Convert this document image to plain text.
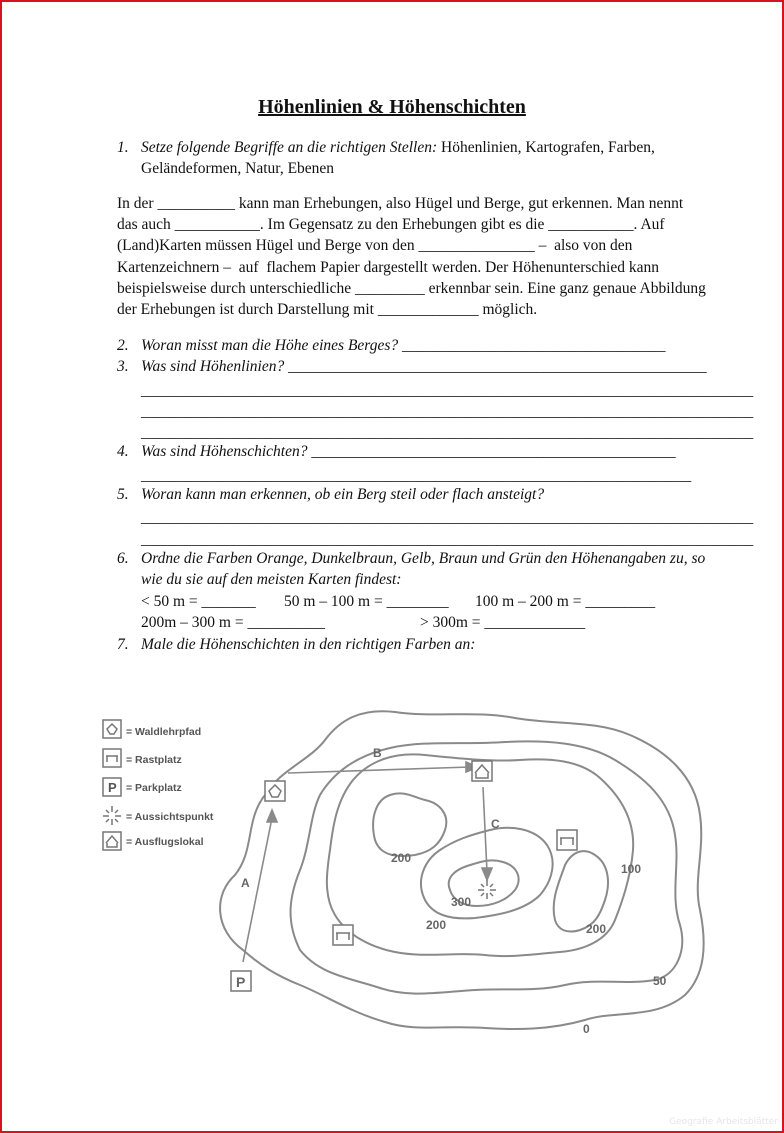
Höhenlinien & Höhenschichten
1. Setze folgende Begriffe an die richtigen Stellen: Höhenlinien, Kartografen, Farben,
Geländeformen, Natur, Ebenen
In der __________ kann man Erhebungen, also Hügel und Berge, gut erkennen. Man nennt
das auch ___________. Im Gegensatz zu den Erhebungen gibt es die ___________. Auf
(Land)Karten müssen Hügel und Berge von den _______________ –  also von den
Kartenzeichnern –  auf  flachem Papier dargestellt werden. Der Höhenunterschied kann
beispielsweise durch unterschiedliche _________ erkennbar sein. Eine ganz genaue Abbildung
der Erhebungen ist durch Darstellung mit _____________ möglich.
2. Woran misst man die Höhe eines Berges? __________________________________
3. Was sind Höhenlinien? ______________________________________________________
_______________________________________________________________________________
_______________________________________________________________________________
_______________________________________________________________________________
4. Was sind Höhenschichten? _______________________________________________
_______________________________________________________________________
5. Woran kann man erkennen, ob ein Berg steil oder flach ansteigt?
_______________________________________________________________________________
_______________________________________________________________________________
6. Ordne die Farben Orange, Dunkelbraun, Gelb, Braun und Grün den Höhenangaben zu, so
wie du sie auf den meisten Karten findest:
< 50 m = _______ 50 m – 100 m = ________ 100 m – 200 m = _________
200m – 300 m = __________	> 300m = _____________
7. Male die Höhenschichten in den richtigen Farben an:
P
= Waldlehrpfad
= Rastplatz
= Parkplatz
= Aussichtspunkt
= Ausflugslokal
P
A
B
C
200
300
200	200
100
50
0
Geografie Arbeitsblätter
